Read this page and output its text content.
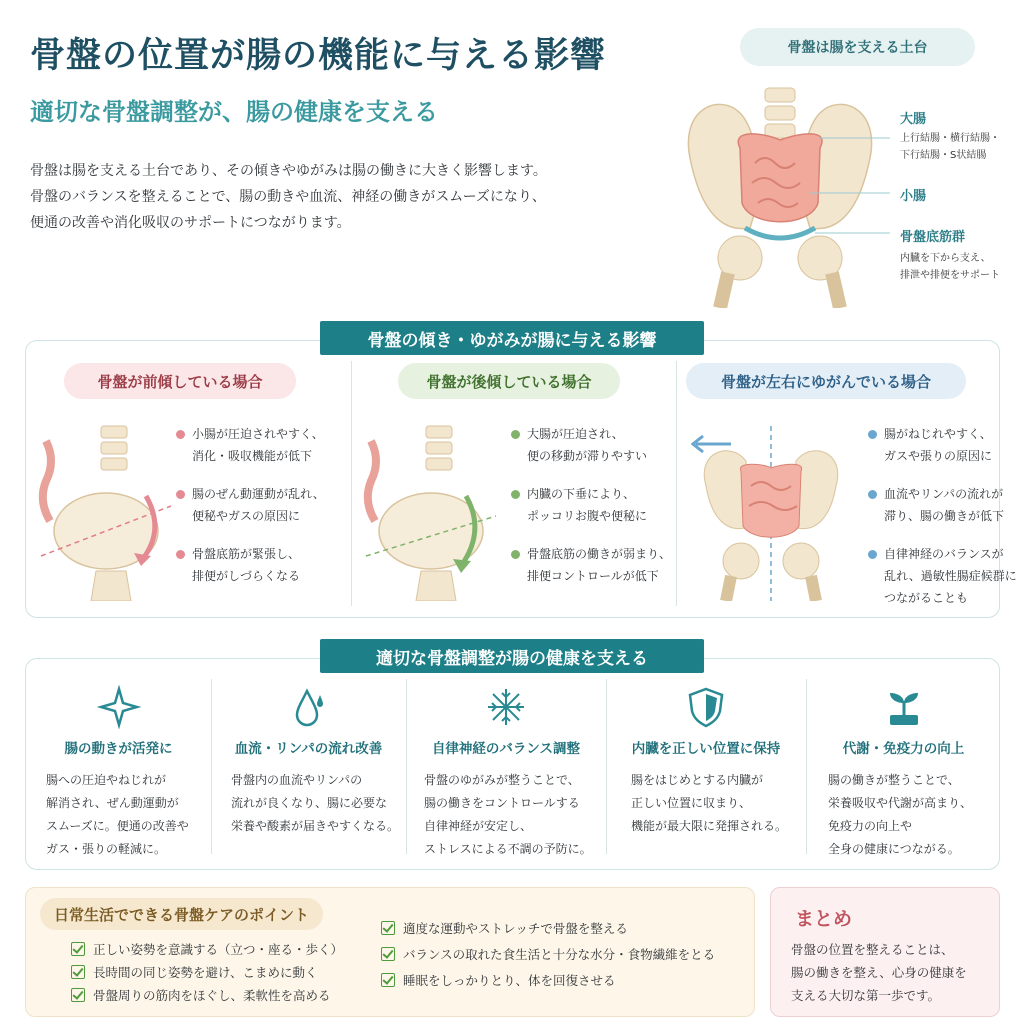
骨盤の位置が腸の機能に与える影響
適切な骨盤調整が、腸の健康を支える

骨盤は腸を支える土台であり、その傾きやゆがみは腸の働きに大きく影響します。

骨盤のバランスを整えることで、腸の動きや血流、神経の働きがスムーズになり、

便通の改善や消化吸収のサポートにつながります。

骨盤は腸を支える土台
大腸
上行結腸・横行結腸・
下行結腸・S状結腸
小腸
骨盤底筋群
内臓を下から支え、
排泄や排便をサポート
骨盤が前傾している場合
小腸が圧迫されやすく、
消化・吸収機能が低下
腸のぜん動運動が乱れ、
便秘やガスの原因に
骨盤底筋が緊張し、
排便がしづらくなる
骨盤が後傾している場合
大腸が圧迫され、
便の移動が滞りやすい
内臓の下垂により、
ポッコリお腹や便秘に
骨盤底筋の働きが弱まり、
排便コントロールが低下
骨盤が左右にゆがんでいる場合
腸がねじれやすく、
ガスや張りの原因に
血流やリンパの流れが
滞り、腸の働きが低下
自律神経のバランスが
乱れ、過敏性腸症候群に
つながることも
骨盤の傾き・ゆがみが腸に与える影響
腸の動きが活発に
腸への圧迫やねじれが
解消され、ぜん動運動が
スムーズに。便通の改善や
ガス・張りの軽減に。
血流・リンパの流れ改善
骨盤内の血流やリンパの
流れが良くなり、腸に必要な
栄養や酸素が届きやすくなる。
自律神経のバランス調整
骨盤のゆがみが整うことで、
腸の働きをコントロールする
自律神経が安定し、
ストレスによる不調の予防に。
内臓を正しい位置に保持
腸をはじめとする内臓が
正しい位置に収まり、
機能が最大限に発揮される。
代謝・免疫力の向上
腸の働きが整うことで、
栄養吸収や代謝が高まり、
免疫力の向上や
全身の健康につながる。
適切な骨盤調整が腸の健康を支える
日常生活でできる骨盤ケアのポイント
正しい姿勢を意識する（立つ・座る・歩く）
長時間の同じ姿勢を避け、こまめに動く
骨盤周りの筋肉をほぐし、柔軟性を高める
適度な運動やストレッチで骨盤を整える
バランスの取れた食生活と十分な水分・食物繊維をとる
睡眠をしっかりとり、体を回復させる
まとめ
骨盤の位置を整えることは、
腸の働きを整え、心身の健康を
支える大切な第一歩です。
